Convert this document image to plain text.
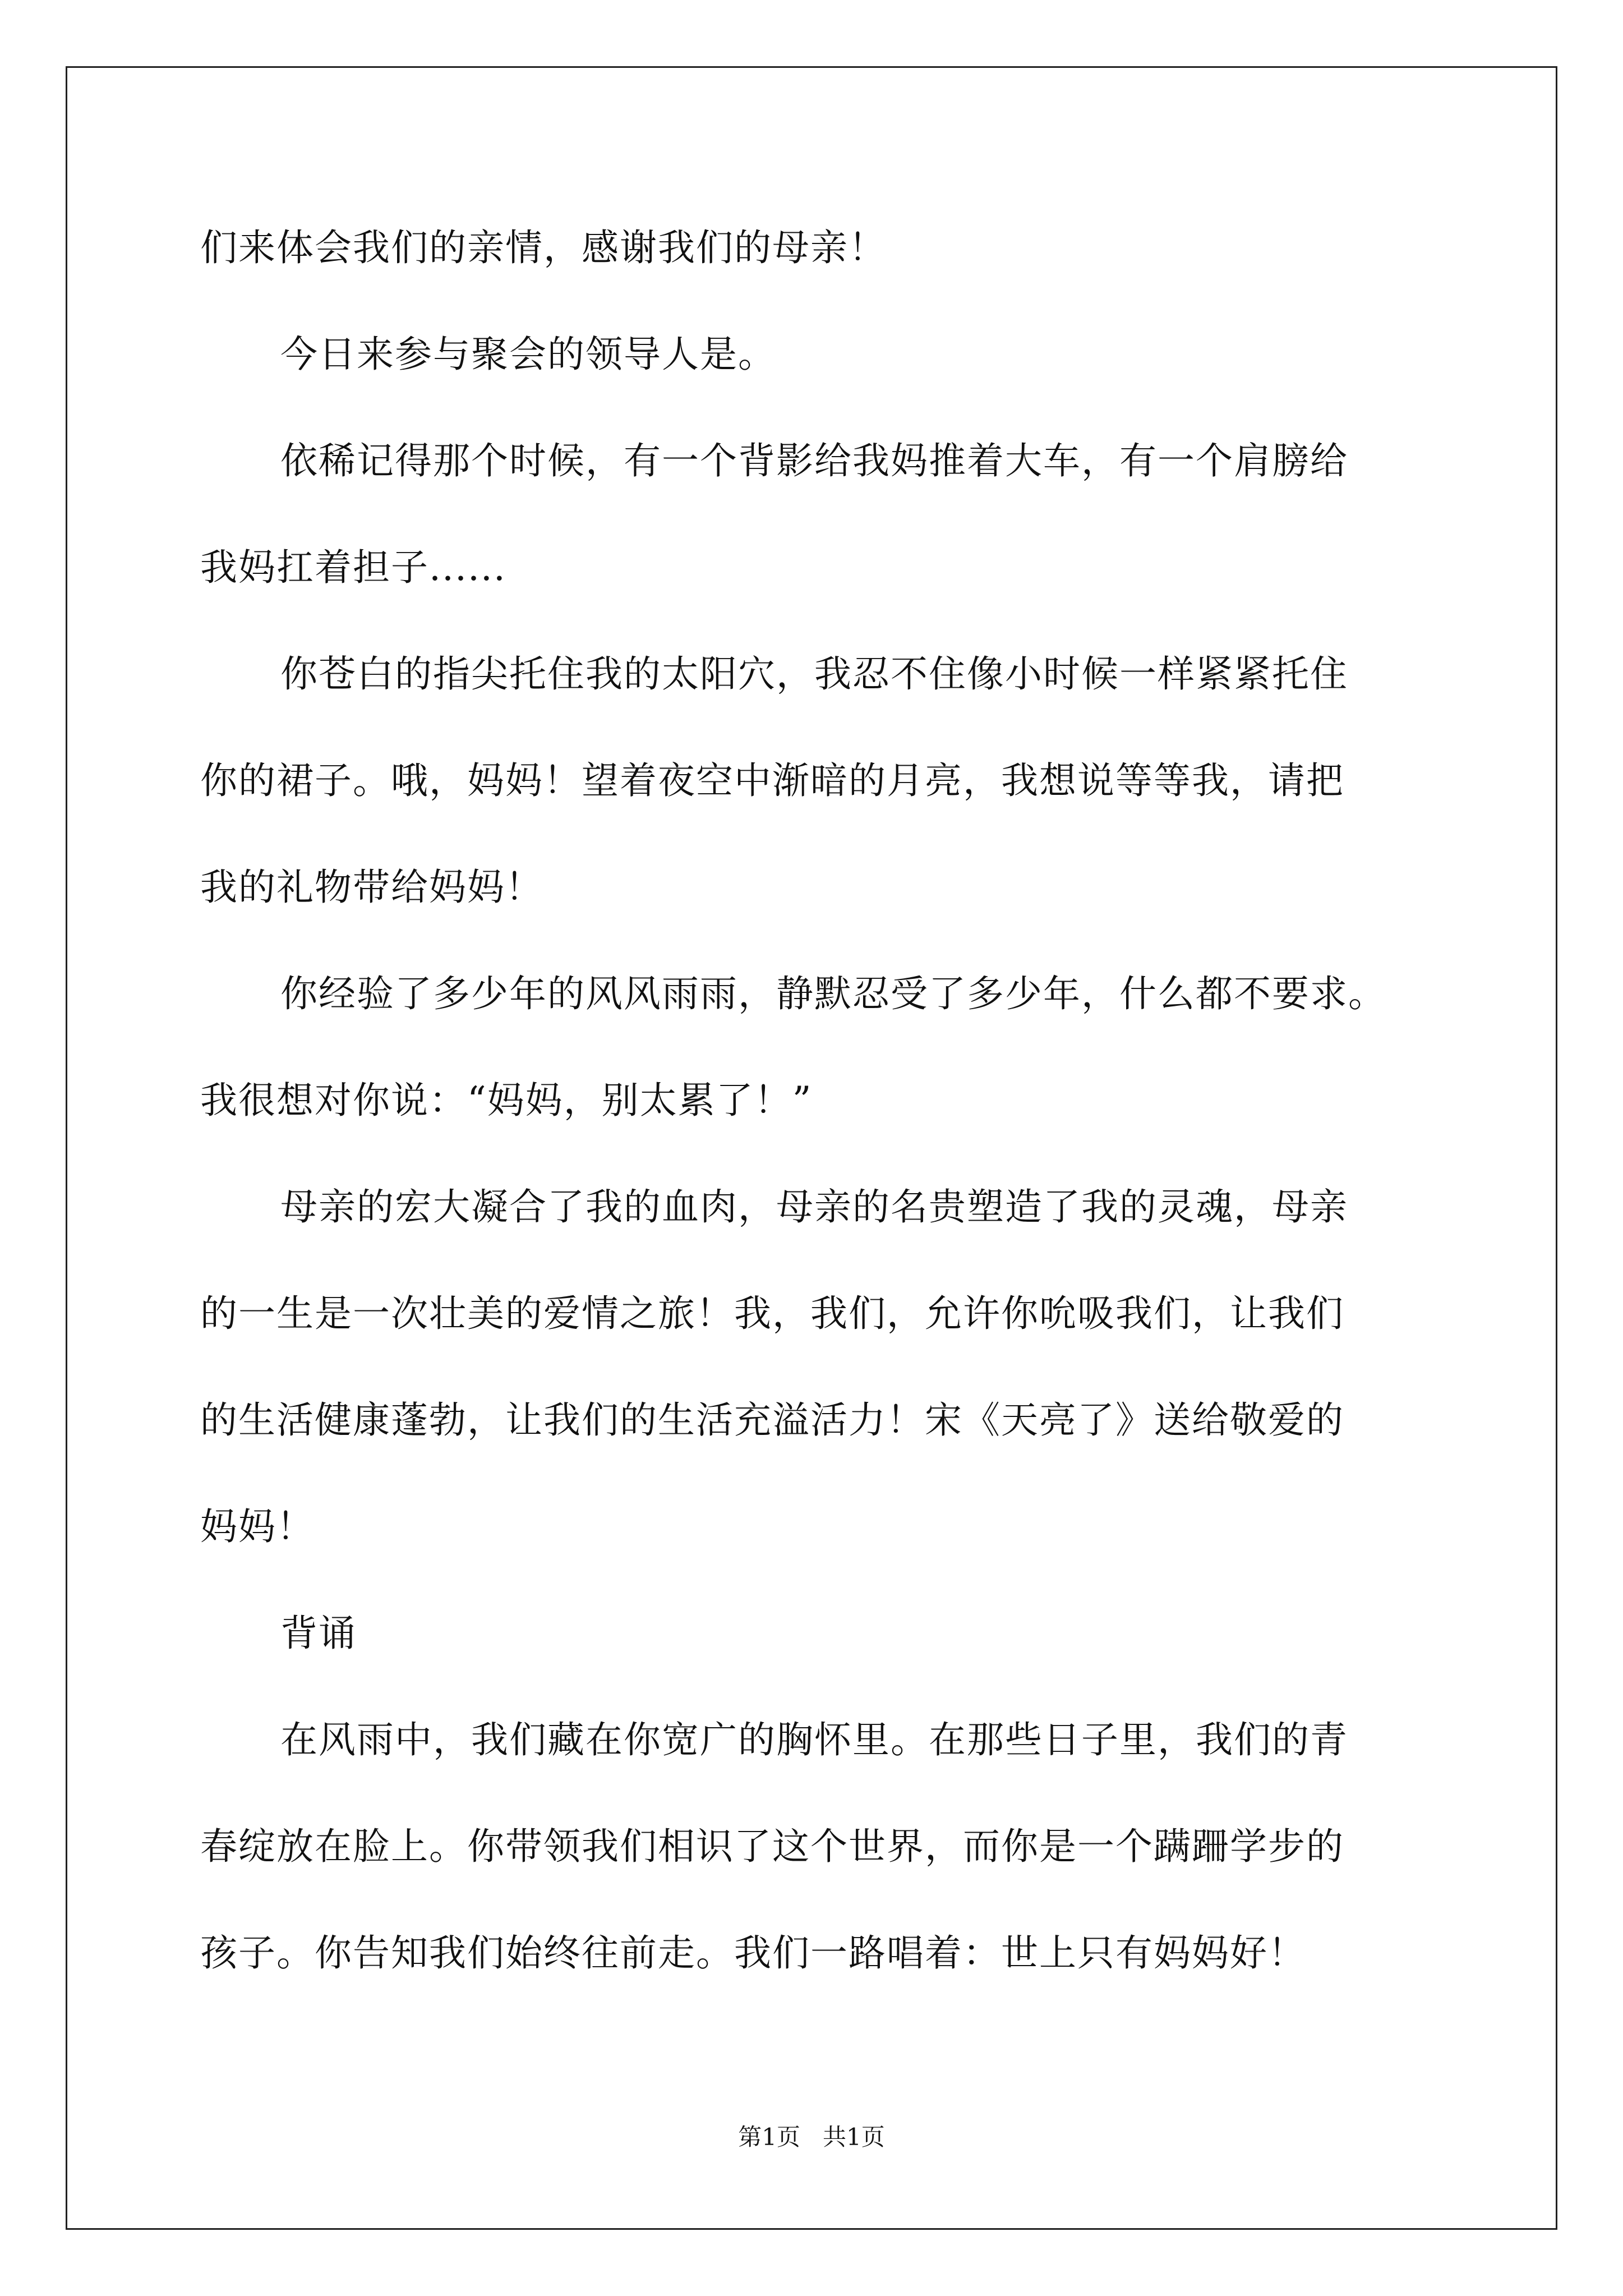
们来体会我们的亲情，感谢我们的母亲！
今日来参与聚会的领导人是。
依稀记得那个时候，有一个背影给我妈推着大车，有一个肩膀给
我妈扛着担子......
你苍白的指尖托住我的太阳穴，我忍不住像小时候一样紧紧托住
你的裙子。哦，妈妈！望着夜空中渐暗的月亮，我想说等等我，请把
我的礼物带给妈妈！
你经验了多少年的风风雨雨，静默忍受了多少年，什么都不要求。
我很想对你说：“妈妈，别太累了！”
母亲的宏大凝合了我的血肉，母亲的名贵塑造了我的灵魂，母亲
的一生是一次壮美的爱情之旅！我，我们，允许你吮吸我们，让我们
的生活健康蓬勃，让我们的生活充溢活力！宋《天亮了》送给敬爱的
妈妈！
背诵
在风雨中，我们藏在你宽广的胸怀里。在那些日子里，我们的青
春绽放在脸上。你带领我们相识了这个世界，而你是一个蹒跚学步的
孩子。你告知我们始终往前走。我们一路唱着：世上只有妈妈好！
第1页   共1页
